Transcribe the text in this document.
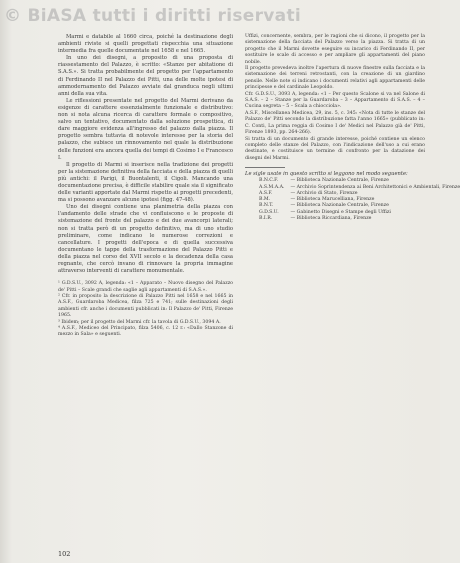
© BiASA tutti i diritti riservati

Marmi e databile al 1660 circa, poiché la destinazione degli ambienti riviste si quelli progettati rispecchia una situazione intermedia fra quelle documentate nel 1658 e nel 1665.

In uno dei disegni, a proposito di una proposta di riassestamento del Palazzo, è scritto: «Stanze per abitatione di S.A.S.». Si tratta probabilmente del progetto per l'appartamento di Ferdinando II nel Palazzo dei Pitti, una delle molte ipotesi di ammodernamento del Palazzo avviate dal granduca negli ultimi anni della sua vita.

Le riflessioni presentate nel progetto del Marmi derivano da esigenze di carattere essenzialmente funzionale e distributivo: non si nota alcuna ricerca di carattere formale o compositivo, salvo un tentativo, documentato dalla soluzione prospettica, di dare maggiore evidenza all'ingresso del palazzo dalla piazza. Il progetto sembra tuttavia di notevole interesse per la storia del palazzo, che subisce un rinnovamento nel quale la distribuzione delle funzioni era ancora quella dei tempi di Cosimo I e Francesco I.

Il progetto di Marmi si inserisce nella tradizione dei progetti per la sistemazione definitiva della facciata e della piazza di quelli più antichi: il Parigi, il Buontalenti, il Cigoli. Mancando una documentazione precisa, è difficile stabilire quale sia il significato delle varianti apportate dal Marmi rispetto ai progetti precedenti, ma si possono avanzare alcune ipotesi (figg. 47-48).

Uno dei disegni contiene una planimetria della piazza con l'andamento delle strade che vi confluiscono e le proposte di sistemazione del fronte del palazzo e dei due avancorpi laterali; non si tratta però di un progetto definitivo, ma di uno studio preliminare, come indicano le numerose correzioni e cancellature. I progetti dell'epoca e di quella successiva documentano le tappe della trasformazione del Palazzo Pitti e della piazza nel corso del XVII secolo e la decadenza della casa regnante, che cercò invano di rinnovare la propria immagine attraverso interventi di carattere monumentale.

¹ G.D.S.U., 3092 A, legenda: «1 – Apparato – Nuovo disegno del Palazzo de' Pitti – Scale grandi che saglie agli appartamenti di S.A.S.».

² Cfr. in proposito la descrizione di Palazzo Pitti nel 1658 e nel 1665 in A.S.F., Guardaroba Medicea, filza 725 e 741; sulle destinazioni degli ambienti cfr. anche i documenti pubblicati in: Il Palazzo de' Pitti, Firenze 1965.

³ Ibidem; per il progetto del Marmi cfr. la tavola di G.D.S.U., 3094 A.

⁴ A.S.F., Mediceo del Principato, filza 5406, c. 12 r.: «Dallo Stanzone di mezzo in Sala» e seguenti.

Uffizi, concernente, sembra, per le ragioni che si dicono, il progetto per la sistemazione della facciata del Palazzo verso la piazza. Si tratta di un progetto che il Marmi dovette eseguire su incarico di Ferdinando II, per sostituire le scale di accesso e per ampliare gli appartamenti del piano nobile.

Il progetto prevedeva inoltre l'apertura di nuove finestre sulla facciata e la sistemazione dei terreni retrostanti, con la creazione di un giardino pensile. Nelle note si indicano i documenti relativi agli appartamenti delle principesse e del cardinale Leopoldo.

Cfr. G.D.S.U., 3093 A, legenda: «1 – Per questo Scalone si va nel Salone di S.A.S. – 2 – Stanze per la Guardaroba – 3 – Appartamento di S.A.S. – 4 – Cucina segreta – 5 – Scala a chiocciola».

A.S.F., Miscellanea Medicea, 29, ins. 5, c. 345: «Nota di tutte le stanze del Palazzo de' Pitti secondo la distribuzione fatta l'anno 1665» (pubblicato in: C. Conti, La prima reggia di Cosimo I de' Medici nel Palazzo già de' Pitti, Firenze 1893, pp. 264-266).

Si tratta di un documento di grande interesse, poiché contiene un elenco completo delle stanze del Palazzo, con l'indicazione dell'uso a cui erano destinate, e costituisce un termine di confronto per la datazione dei disegni del Marmi.

Le sigle usate in questo scritto si leggono nel modo seguente:

B.N.C.F. — Biblioteca Nazionale Centrale, Firenze
A.S.M.A.A. — Archivio Soprintendenza ai Beni Architettonici e Ambientali, Firenze
A.S.F.	— Archivio di Stato, Firenze
B.M.	— Biblioteca Marucelliana, Firenze
B.N.T.	— Biblioteca Nazionale Centrale, Firenze
G.D.S.U. — Gabinetto Disegni e Stampe degli Uffizi
B.I.R.	— Biblioteca Riccardiana, Firenze
102
